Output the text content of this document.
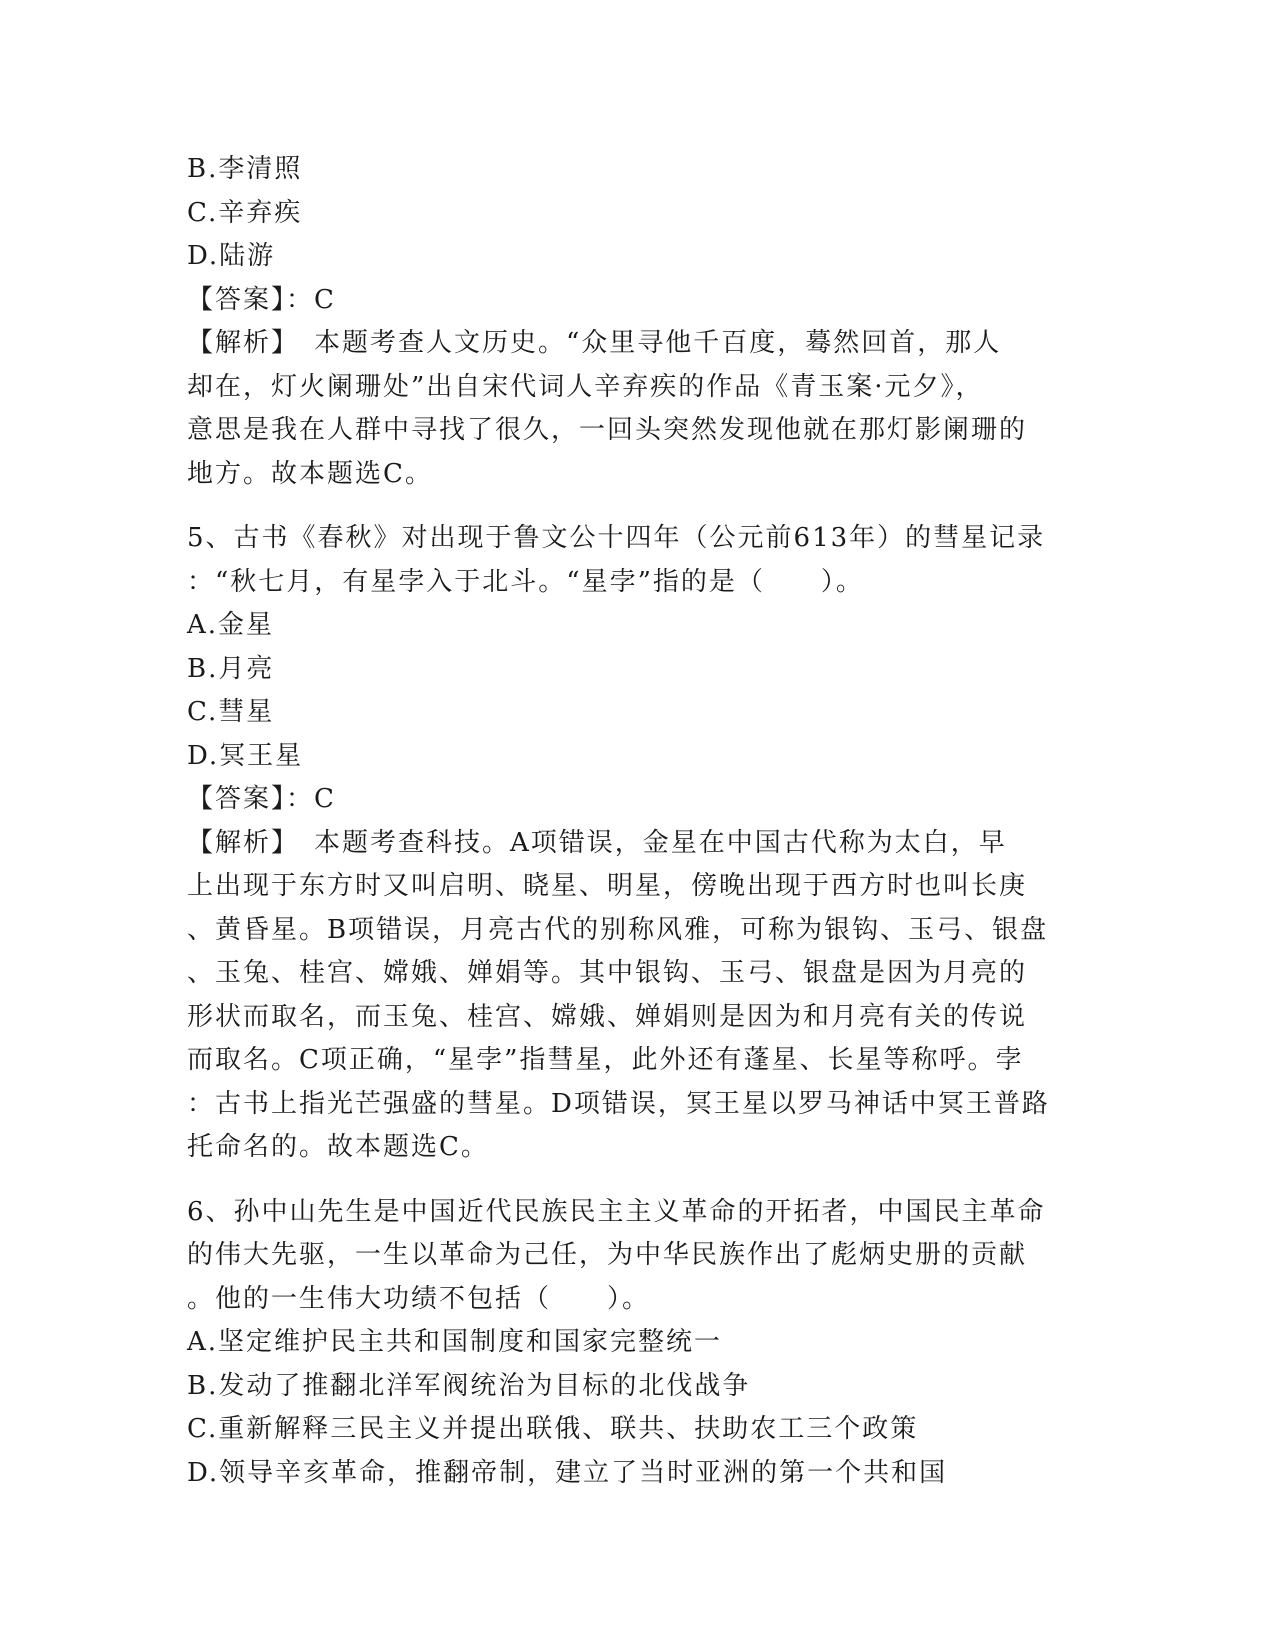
B.李清照
C.辛弃疾
D.陆游
【答案】：C
【解析】　本题考查人文历史。“众里寻他千百度，蓦然回首，那人
却在，灯火阑珊处”出自宋代词人辛弃疾的作品《青玉案·元夕》，
意思是我在人群中寻找了很久，一回头突然发现他就在那灯影阑珊的
地方。故本题选C。
5、古书《春秋》对出现于鲁文公十四年（公元前613年）的彗星记录
：“秋七月，有星孛入于北斗。“星孛”指的是（　　）。
A.金星
B.月亮
C.彗星
D.冥王星
【答案】：C
【解析】　本题考查科技。A项错误，金星在中国古代称为太白，早
上出现于东方时又叫启明、晓星、明星，傍晚出现于西方时也叫长庚
、黄昏星。B项错误，月亮古代的别称风雅，可称为银钩、玉弓、银盘
、玉兔、桂宫、嫦娥、婵娟等。其中银钩、玉弓、银盘是因为月亮的
形状而取名，而玉兔、桂宫、嫦娥、婵娟则是因为和月亮有关的传说
而取名。C项正确，“星孛”指彗星，此外还有蓬星、长星等称呼。孛
：古书上指光芒强盛的彗星。D项错误，冥王星以罗马神话中冥王普路
托命名的。故本题选C。
6、孙中山先生是中国近代民族民主主义革命的开拓者，中国民主革命
的伟大先驱，一生以革命为己任，为中华民族作出了彪炳史册的贡献
。他的一生伟大功绩不包括（　　）。
A.坚定维护民主共和国制度和国家完整统一
B.发动了推翻北洋军阀统治为目标的北伐战争
C.重新解释三民主义并提出联俄、联共、扶助农工三个政策
D.领导辛亥革命，推翻帝制，建立了当时亚洲的第一个共和国
